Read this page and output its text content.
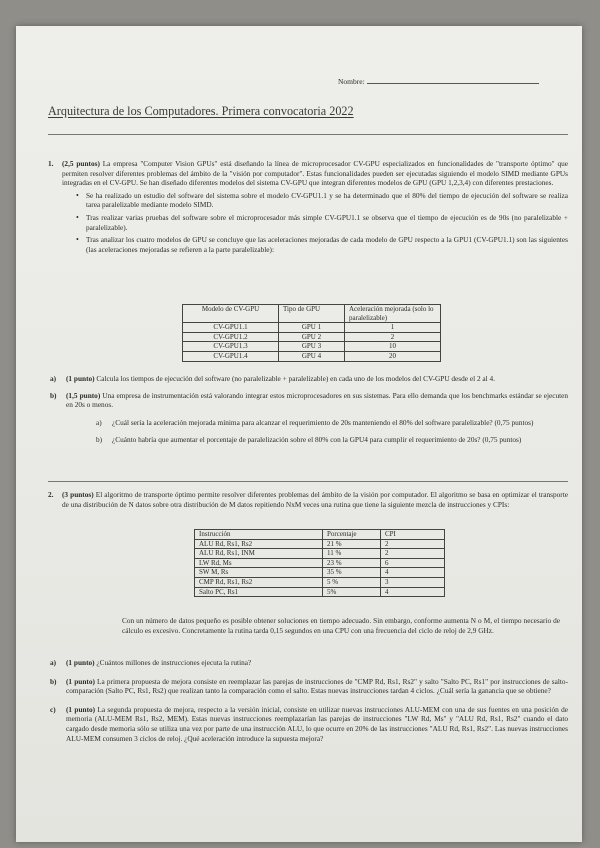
Nombre:
Arquitectura de los Computadores. Primera convocatoria 2022
1.	(2,5 puntos) La empresa "Computer Vision GPUs" está diseñando la línea de microprocesador CV-GPU especializados en funcionalidades de "transporte óptimo" que permiten resolver diferentes problemas del ámbito de la "visión por computador". Estas funcionalidades pueden ser ejecutadas siguiendo el modelo SIMD mediante GPUs integradas en el CV-GPU. Se han diseñado diferentes modelos del sistema CV-GPU que integran diferentes modelos de GPU (GPU 1,2,3,4) con diferentes prestaciones.
• Se ha realizado un estudio del software del sistema sobre el modelo CV-GPU1.1 y se ha determinado que el 80% del tiempo de ejecución del software se realiza tarea paralelizable mediante modelo SIMD.
• Tras realizar varias pruebas del software sobre el microprocesador más simple CV-GPU1.1 se observa que el tiempo de ejecución es de 90s (no paralelizable + paralelizable).
• Tras analizar los cuatro modelos de GPU se concluye que las aceleraciones mejoradas de cada modelo de GPU respecto a la GPU1 (CV-GPU1.1) son las siguientes (las aceleraciones mejoradas se refieren a la parte paralelizable):
Modelo de CV-GPU	Tipo de GPU	Aceleración mejorada (solo lo paralelizable)
CV-GPU1.1	GPU 1	1
CV-GPU1.2	GPU 2	2
CV-GPU1.3	GPU 3	10
CV-GPU1.4	GPU 4	20
a)	(1 punto) Calcula los tiempos de ejecución del software (no paralelizable + paralelizable) en cada uno de los modelos del CV-GPU desde el 2 al 4.
b)	(1,5 punto) Una empresa de instrumentación está valorando integrar estos microprocesadores en sus sistemas. Para ello demanda que los benchmarks estándar se ejecuten en 20s o menos.
a)	¿Cuál sería la aceleración mejorada mínima para alcanzar el requerimiento de 20s manteniendo el 80% del software paralelizable? (0,75 puntos)
b)	¿Cuánto habría que aumentar el porcentaje de paralelización sobre el 80% con la GPU4 para cumplir el requerimiento de 20s? (0,75 puntos)
2.	(3 puntos) El algoritmo de transporte óptimo permite resolver diferentes problemas del ámbito de la visión por computador. El algoritmo se basa en optimizar el transporte de una distribución de N datos sobre otra distribución de M datos repitiendo NxM veces una rutina que tiene la siguiente mezcla de instrucciones y CPIs:
Instrucción	Porcentaje	CPI
ALU Rd, Rs1, Rs2	21 %	2
ALU Rd, Rs1, INM	11 %	2
LW Rd, Ms	23 %	6
SW M, Rs	35 %	4
CMP Rd, Rs1, Rs2	5 %	3
Salto PC, Rs1	5%	4
Con un número de datos pequeño es posible obtener soluciones en tiempo adecuado. Sin embargo, conforme aumenta N o M, el tiempo necesario de cálculo es excesivo. Concretamente la rutina tarda 0,15 segundos en una CPU con una frecuencia del ciclo de reloj de 2,9 GHz.
a)	(1 punto) ¿Cuántos millones de instrucciones ejecuta la rutina?
b)	(1 punto) La primera propuesta de mejora consiste en reemplazar las parejas de instrucciones de "CMP Rd, Rs1, Rs2" y salto "Salto PC, Rs1" por instrucciones de salto-comparación (Salto PC, Rs1, Rs2) que realizan tanto la comparación como el salto. Estas nuevas instrucciones tardan 4 ciclos. ¿Cuál sería la ganancia que se obtiene?
c)	(1 punto) La segunda propuesta de mejora, respecto a la versión inicial, consiste en utilizar nuevas instrucciones ALU-MEM con una de sus fuentes en una posición de memoria (ALU-MEM Rs1, Rs2, MEM). Estas nuevas instrucciones reemplazarían las parejas de instrucciones "LW Rd, Ms" y "ALU Rd, Rs1, Rs2" cuando el dato cargado desde memoria sólo se utiliza una vez por parte de una instrucción ALU, lo que ocurre en 20% de las instrucciones "ALU Rd, Rs1, Rs2". Las nuevas instrucciones ALU-MEM consumen 3 ciclos de reloj. ¿Qué aceleración introduce la supuesta mejora?
